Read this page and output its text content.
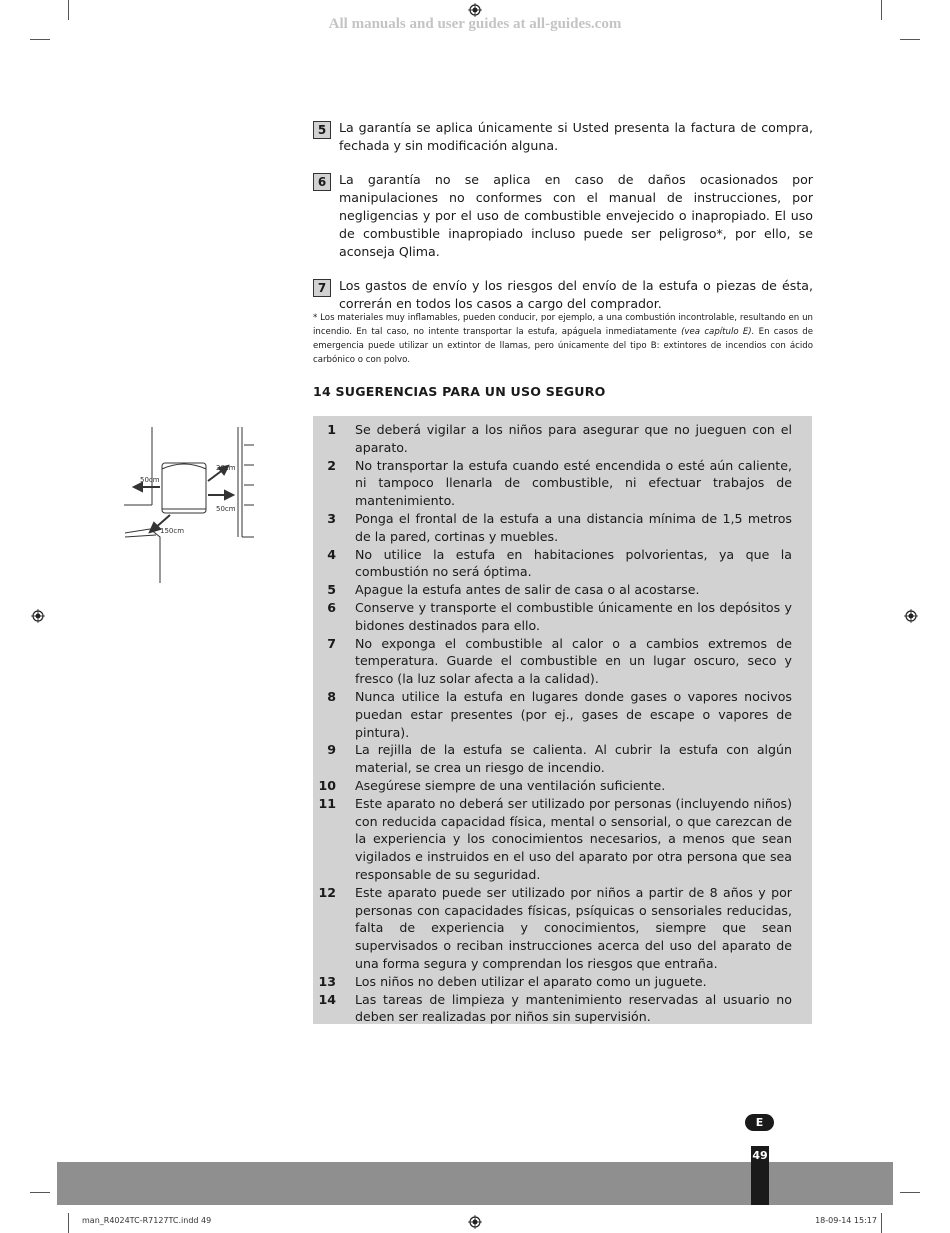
All manuals and user guides at all-guides.com
5	La garantía se aplica únicamente si Usted presenta la factura de compra, fechada y sin modificación alguna.
6	La garantía no se aplica en caso de daños ocasionados por manipulaciones no conformes con el manual de instrucciones, por negligencias y por el uso de combustible envejecido o inapropiado. El uso de combustible inapropiado incluso puede ser peligroso*, por ello, se aconseja Qlima.
7	Los gastos de envío y los riesgos del envío de la estufa o piezas de ésta, correrán en todos los casos a cargo del comprador.
* Los materiales muy inflamables, pueden conducir, por ejemplo, a una combustión incontrolable, resultando en un incendio. En tal caso, no intente transportar la estufa, apáguela inmediatamente (vea capítulo E). En casos de emergencia puede utilizar un extintor de llamas, pero únicamente del tipo B: extintores de incendios con ácido carbónico o con polvo.
14 SUGERENCIAS PARA UN USO SEGURO
50cm
20cm
50cm
150cm
1 Se deberá vigilar a los niños para asegurar que no jueguen con el aparato.
2 No transportar la estufa cuando esté encendida o esté aún caliente, ni tampoco llenarla de combustible, ni efectuar trabajos de mantenimiento.
3 Ponga el frontal de la estufa a una distancia mínima de 1,5 metros de la pared, cortinas y muebles.
4 No utilice la estufa en habitaciones polvorientas, ya que la combustión no será óptima.
5 Apague la estufa antes de salir de casa o al acostarse.
6 Conserve y transporte el combustible únicamente en los depósitos y bidones destinados para ello.
7 No exponga el combustible al calor o a cambios extremos de temperatura. Guarde el combustible en un lugar oscuro, seco y fresco (la luz solar afecta a la calidad).
8 Nunca utilice la estufa en lugares donde gases o vapores nocivos puedan estar presentes (por ej., gases de escape o vapores de pintura).
9 La rejilla de la estufa se calienta. Al cubrir la estufa con algún material, se crea un riesgo de incendio.
10 Asegúrese siempre de una ventilación suficiente.
11 Este aparato no deberá ser utilizado por personas (incluyendo niños) con reducida capacidad física, mental o sensorial, o que carezcan de la experiencia y los conocimientos necesarios, a menos que sean vigilados e instruidos en el uso del aparato por otra persona que sea responsable de su seguridad.
12 Este aparato puede ser utilizado por niños a partir de 8 años y por personas con capacidades físicas, psíquicas o sensoriales reducidas, falta de experiencia y conocimientos, siempre que sean supervisados o reciban instrucciones acerca del uso del aparato de una forma segura y comprendan los riesgos que entraña.
13 Los niños no deben utilizar el aparato como un juguete.
14 Las tareas de limpieza y mantenimiento reservadas al usuario no deben ser realizadas por niños sin supervisión.
E
49
man_R4024TC-R7127TC.indd 49	18-09-14 15:17
